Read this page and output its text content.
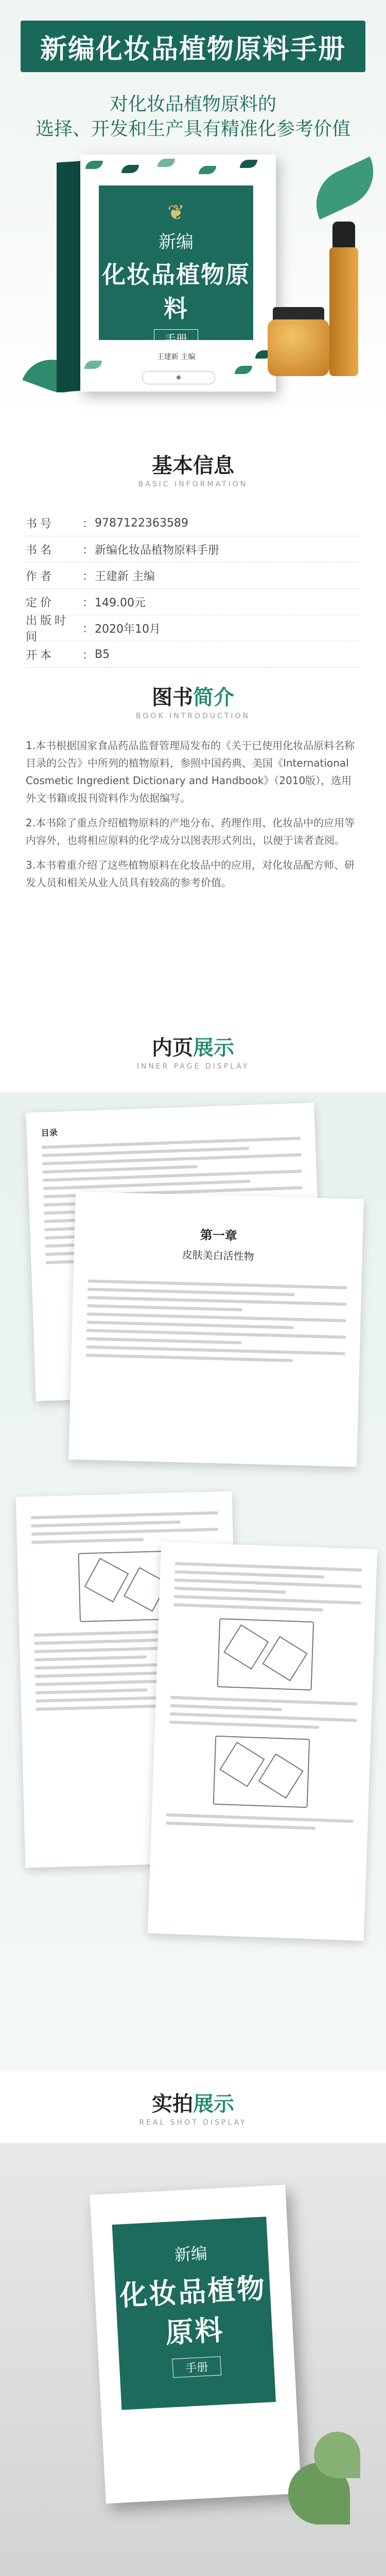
新编化妆品植物原料手册
对化妆品植物原料的
选择、开发和生产具有精准化参考价值
❦
新编
化妆品植物原料
手册
王建新 主编
❋
基本信息
BASIC INFORMATION
书号	： 9787122363589
书名	： 新编化妆品植物原料手册
作者	： 王建新 主编
定价	： 149.00元
出版时间
： 2020年10月
开本	： B5
图书简介
BOOK INTRODUCTION

1.本书根据国家食品药品监督管理局发布的《关于已使用化妆品原料名称目录的公告》中所列的植物原料，参照中国药典、美国《International Cosmetic Ingredient Dictionary and Handbook》（2010版），选用外文书籍或报刊资料作为依据编写。

2.本书除了重点介绍植物原料的产地分布、药理作用、化妆品中的应用等内容外，也将相应原料的化学成分以图表形式列出，以便于读者查阅。

3.本书着重介绍了这些植物原料在化妆品中的应用，对化妆品配方师、研发人员和相关从业人员具有较高的参考价值。

内页展示
INNER PAGE DISPLAY
目录
第一章
皮肤美白活性物
实拍展示
REAL SHOT DISPLAY
新编
化妆品植物原料
手册
